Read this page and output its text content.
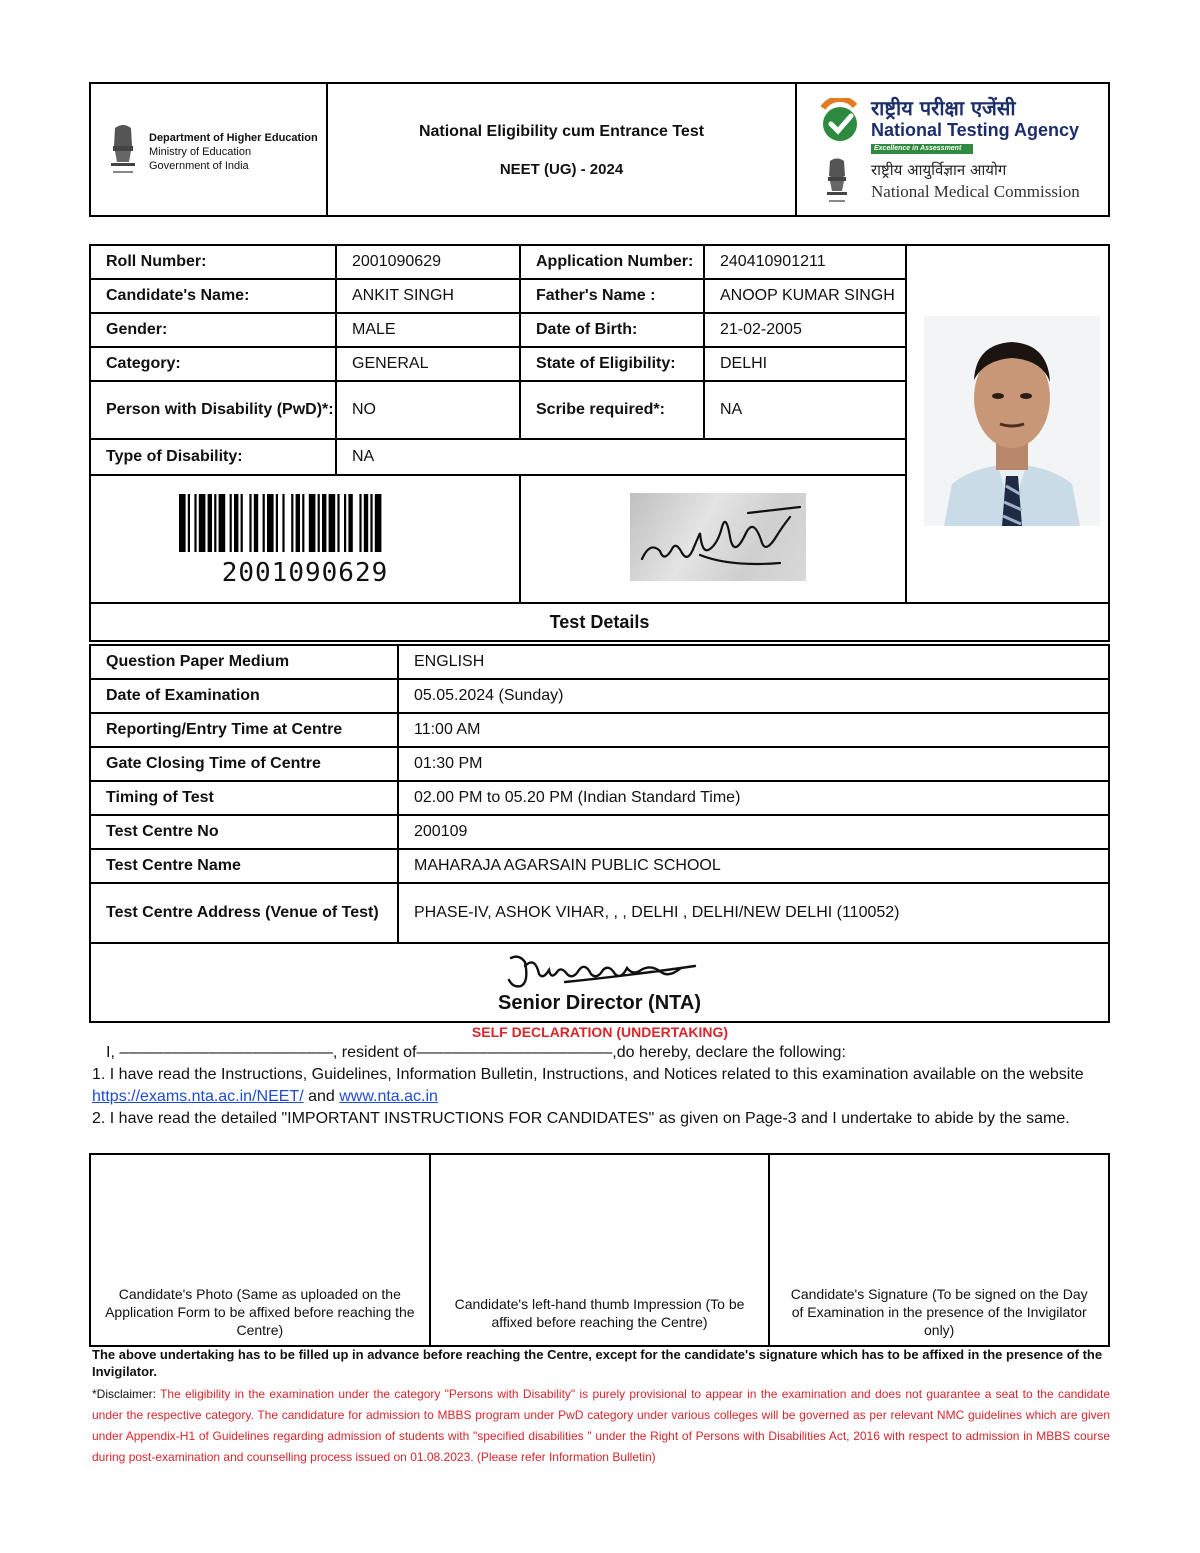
Department of Higher Education
Ministry of Education
Government of India
National Eligibility cum Entrance Test
NEET (UG) - 2024
राष्ट्रीय परीक्षा एजेंसी
National Testing Agency
Excellence in Assessment
राष्ट्रीय आयुर्विज्ञान आयोग
National Medical Commission
Roll Number:	2001090629	Application Number:	240410901211
Candidate's Name:	ANKIT SINGH	Father's Name :	ANOOP KUMAR SINGH
Gender:	MALE	Date of Birth:	21-02-2005
Category:	GENERAL	State of Eligibility:	DELHI
Person with Disability (PwD)*:	NO	Scribe required*:	NA
Type of Disability:	NA
2001090629
Test Details
Question Paper Medium	ENGLISH
Date of Examination	05.05.2024 (Sunday)
Reporting/Entry Time at Centre	11:00 AM
Gate Closing Time of Centre	01:30 PM
Timing of Test	02.00 PM to 05.20 PM (Indian Standard Time)
Test Centre No	200109
Test Centre Name	MAHARAJA AGARSAIN PUBLIC SCHOOL
Test Centre Address (Venue of Test)	PHASE-IV, ASHOK VIHAR, , , DELHI , DELHI/NEW DELHI (110052)
Senior Director (NTA)
SELF DECLARATION (UNDERTAKING)
I, ––––––––––––––––––––––––, resident of––––––––––––––––––––––,do hereby, declare the following:
1. I have read the Instructions, Guidelines, Information Bulletin, Instructions, and Notices related to this examination available on the website https://exams.nta.ac.in/NEET/ and www.nta.ac.in
2. I have read the detailed "IMPORTANT INSTRUCTIONS FOR CANDIDATES" as given on Page-3 and I undertake to abide by the same.
Candidate's Photo (Same as uploaded on the Application Form to be affixed before reaching the Centre)
Candidate's left-hand thumb Impression (To be affixed before reaching the Centre)
Candidate's Signature (To be signed on the Day of Examination in the presence of the Invigilator only)
The above undertaking has to be filled up in advance before reaching the Centre, except for the candidate's signature which has to be affixed in the presence of the Invigilator.
*Disclaimer: The eligibility in the examination under the category "Persons with Disability" is purely provisional to appear in the examination and does not guarantee a seat to the candidate under the respective category. The candidature for admission to MBBS program under PwD category under various colleges will be governed as per relevant NMC guidelines which are given under Appendix-H1 of Guidelines regarding admission of students with "specified disabilities " under the Right of Persons with Disabilities Act, 2016 with respect to admission in MBBS course during post-examination and counselling process issued on 01.08.2023. (Please refer Information Bulletin)
